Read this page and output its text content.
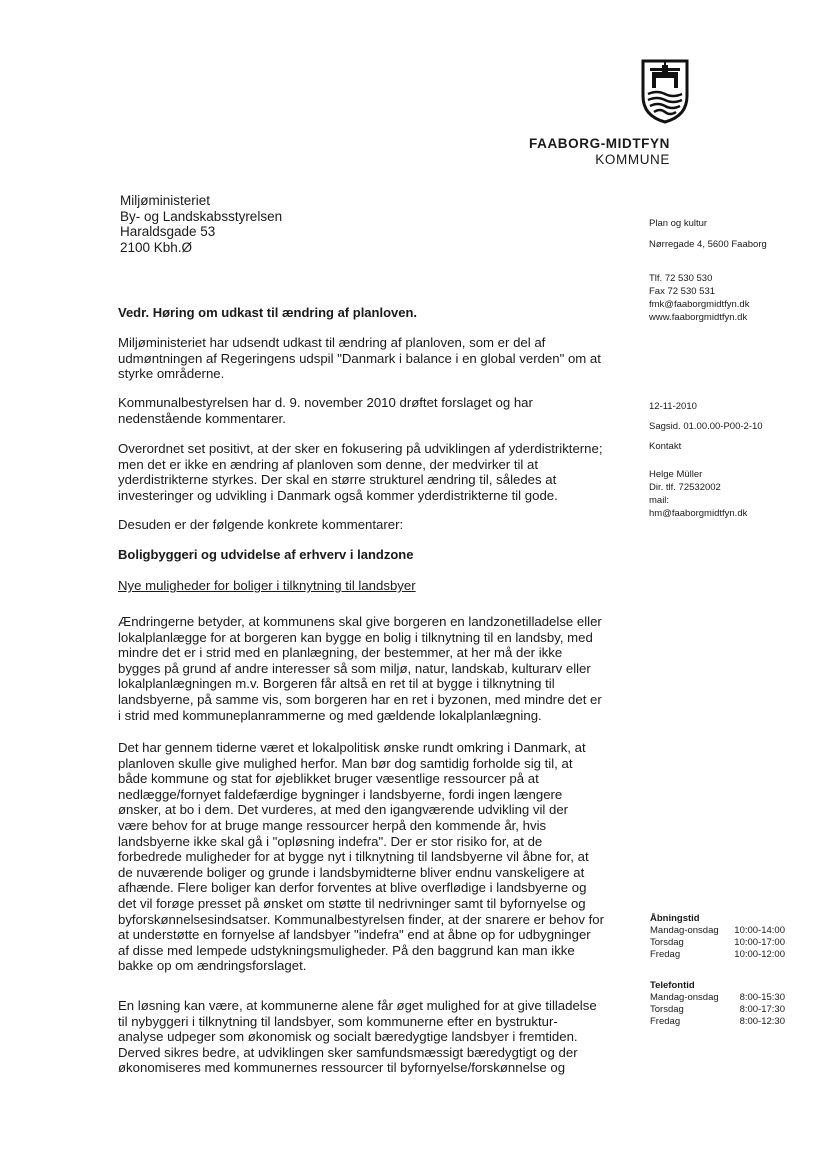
FAABORG-MIDTFYN
KOMMUNE
Miljøministeriet
By- og Landskabsstyrelsen
Haraldsgade 53
2100 Kbh.Ø
Plan og kultur
Nørregade 4, 5600 Faaborg
Tlf. 72 530 530
Fax 72 530 531
fmk@faaborgmidtfyn.dk
www.faaborgmidtfyn.dk
12-11-2010
Sagsid. 01.00.00-P00-2-10
Kontakt
Helge Müller
Dir. tlf. 72532002
mail:
hm@faaborgmidtfyn.dk
Vedr. Høring om udkast til ændring af planloven.
Miljøministeriet har udsendt udkast til ændring af planloven, som er del af
udmøntningen af Regeringens udspil "Danmark i balance i en global verden" om at
styrke områderne.
Kommunalbestyrelsen har d. 9. november 2010 drøftet forslaget og har
nedenstående kommentarer.
Overordnet set positivt, at der sker en fokusering på udviklingen af yderdistrikterne;
men det er ikke en ændring af planloven som denne, der medvirker til at
yderdistrikterne styrkes. Der skal en større strukturel ændring til, således at
investeringer og udvikling i Danmark også kommer yderdistrikterne til gode.
Desuden er der følgende konkrete kommentarer:
Boligbyggeri og udvidelse af erhverv i landzone
Nye muligheder for boliger i tilknytning til landsbyer
Ændringerne betyder, at kommunens skal give borgeren en landzonetilladelse eller
lokalplanlægge for at borgeren kan bygge en bolig i tilknytning til en landsby, med
mindre det er i strid med en planlægning, der bestemmer, at her må der ikke
bygges på grund af andre interesser så som miljø, natur, landskab, kulturarv eller
lokalplanlægningen m.v. Borgeren får altså en ret til at bygge i tilknytning til
landsbyerne, på samme vis, som borgeren har en ret i byzonen, med mindre det er
i strid med kommuneplanrammerne og med gældende lokalplanlægning.
Det har gennem tiderne været et lokalpolitisk ønske rundt omkring i Danmark, at
planloven skulle give mulighed herfor. Man bør dog samtidig forholde sig til, at
både kommune og stat for øjeblikket bruger væsentlige ressourcer på at
nedlægge/fornyet faldefærdige bygninger i landsbyerne, fordi ingen længere
ønsker, at bo i dem. Det vurderes, at med den igangværende udvikling vil der
være behov for at bruge mange ressourcer herpå den kommende år, hvis
landsbyerne ikke skal gå i "opløsning indefra". Der er stor risiko for, at de
forbedrede muligheder for at bygge nyt i tilknytning til landsbyerne vil åbne for, at
de nuværende boliger og grunde i landsbymidterne bliver endnu vanskeligere at
afhænde. Flere boliger kan derfor forventes at blive overflødige i landsbyerne og
det vil forøge presset på ønsket om støtte til nedrivninger samt til byfornyelse og
byforskønnelsesindsatser. Kommunalbestyrelsen finder, at der snarere er behov for
at understøtte en fornyelse af landsbyer "indefra" end at åbne op for udbygninger
af disse med lempede udstykningsmuligheder. På den baggrund kan man ikke
bakke op om ændringsforslaget.
En løsning kan være, at kommunerne alene får øget mulighed for at give tilladelse
til nybyggeri i tilknytning til landsbyer, som kommunerne efter en bystruktur-
analyse udpeger som økonomisk og socialt bæredygtige landsbyer i fremtiden.
Derved sikres bedre, at udviklingen sker samfundsmæssigt bæredygtigt og der
økonomiseres med kommunernes ressourcer til byfornyelse/forskønnelse og
Åbningstid
Mandag-onsdag 10:00-14:00
Torsdag	10:00-17:00
Fredag	10:00-12:00
Telefontid
Mandag-onsdag 8:00-15:30
Torsdag	8:00-17:30
Fredag	8:00-12:30
